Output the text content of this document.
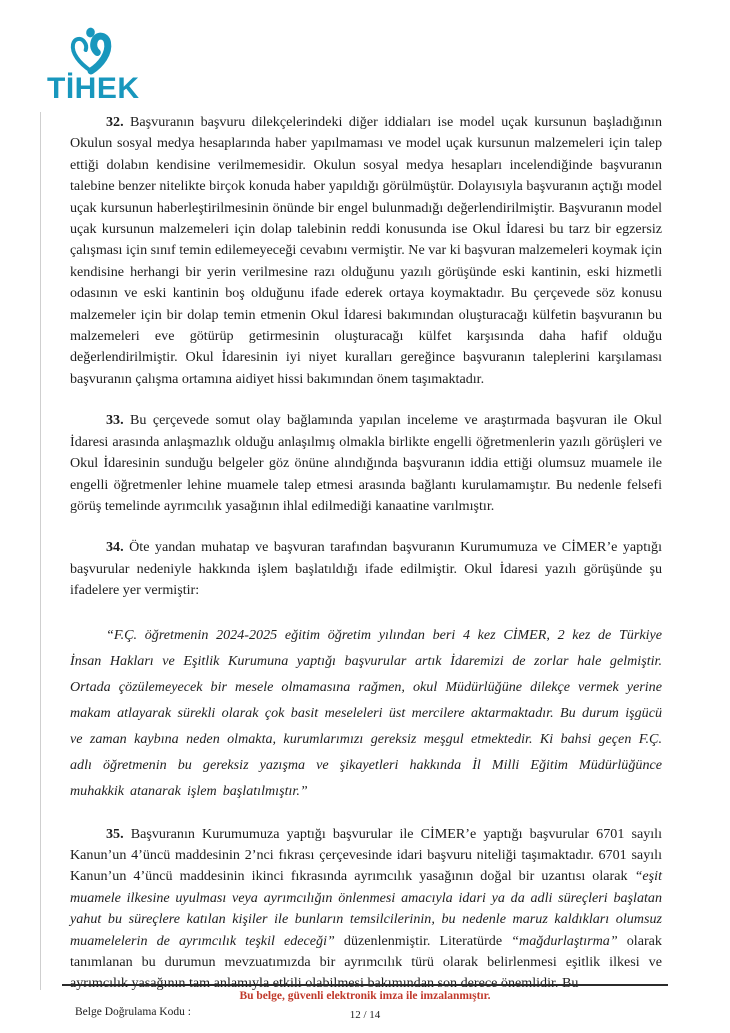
TİHEK

32. Başvuranın başvuru dilekçelerindeki diğer iddiaları ise model uçak kursunun başladığının Okulun sosyal medya hesaplarında haber yapılmaması ve model uçak kursunun malzemeleri için talep ettiği dolabın kendisine verilmemesidir. Okulun sosyal medya hesapları incelendiğinde başvuranın talebine benzer nitelikte birçok konuda haber yapıldığı görülmüştür. Dolayısıyla başvuranın açtığı model uçak kursunun haberleştirilmesinin önünde bir engel bulunmadığı değerlendirilmiştir. Başvuranın model uçak kursunun malzemeleri için dolap talebinin reddi konusunda ise Okul İdaresi bu tarz bir egzersiz çalışması için sınıf temin edilemeyeceği cevabını vermiştir. Ne var ki başvuran malzemeleri koymak için kendisine herhangi bir yerin verilmesine razı olduğunu yazılı görüşünde eski kantinin, eski hizmetli odasının ve eski kantinin boş olduğunu ifade ederek ortaya koymaktadır. Bu çerçevede söz konusu malzemeler için bir dolap temin etmenin Okul İdaresi bakımından oluşturacağı külfetin başvuranın bu malzemeleri eve götürüp getirmesinin oluşturacağı külfet karşısında daha hafif olduğu değerlendirilmiştir. Okul İdaresinin iyi niyet kuralları gereğince başvuranın taleplerini karşılaması başvuranın çalışma ortamına aidiyet hissi bakımından önem taşımaktadır.

33. Bu çerçevede somut olay bağlamında yapılan inceleme ve araştırmada başvuran ile Okul İdaresi arasında anlaşmazlık olduğu anlaşılmış olmakla birlikte engelli öğretmenlerin yazılı görüşleri ve Okul İdaresinin sunduğu belgeler göz önüne alındığında başvuranın iddia ettiği olumsuz muamele ile engelli öğretmenler lehine muamele talep etmesi arasında bağlantı kurulamamıştır. Bu nedenle felsefi görüş temelinde ayrımcılık yasağının ihlal edilmediği kanaatine varılmıştır.

34. Öte yandan muhatap ve başvuran tarafından başvuranın Kurumumuza ve CİMER’e yaptığı başvurular nedeniyle hakkında işlem başlatıldığı ifade edilmiştir. Okul İdaresi yazılı görüşünde şu ifadelere yer vermiştir:

“F.Ç. öğretmenin 2024-2025 eğitim öğretim yılından beri 4 kez CİMER, 2 kez de Türkiye İnsan Hakları ve Eşitlik Kurumuna yaptığı başvurular artık İdaremizi de zorlar hale gelmiştir. Ortada çözülemeyecek bir mesele olmamasına rağmen, okul Müdürlüğüne dilekçe vermek yerine makam atlayarak sürekli olarak çok basit meseleleri üst mercilere aktarmaktadır. Bu durum işgücü ve zaman kaybına neden olmakta, kurumlarımızı gereksiz meşgul etmektedir. Ki bahsi geçen F.Ç. adlı öğretmenin bu gereksiz yazışma ve şikayetleri hakkında İl Milli Eğitim Müdürlüğünce muhakkik atanarak işlem başlatılmıştır.”

35. Başvuranın Kurumumuza yaptığı başvurular ile CİMER’e yaptığı başvurular 6701 sayılı Kanun’un 4’üncü maddesinin 2’nci fıkrası çerçevesinde idari başvuru niteliği taşımaktadır. 6701 sayılı Kanun’un 4’üncü maddesinin ikinci fıkrasında ayrımcılık yasağının doğal bir uzantısı olarak “eşit muamele ilkesine uyulması veya ayrımcılığın önlenmesi amacıyla idari ya da adli süreçleri başlatan yahut bu süreçlere katılan kişiler ile bunların temsilcilerinin, bu nedenle maruz kaldıkları olumsuz muamelelerin de ayrımcılık teşkil edeceği” düzenlenmiştir. Literatürde “mağdurlaştırma” olarak tanımlanan bu durumun mevzuatımızda bir ayrımcılık türü olarak belirlenmesi eşitlik ilkesi ve ayrımcılık yasağının tam anlamıyla etkili olabilmesi bakımından son derece önemlidir. Bu

Bu belge, güvenli elektronik imza ile imzalanmıştır.
Belge Doğrulama Kodu :	12 / 14
